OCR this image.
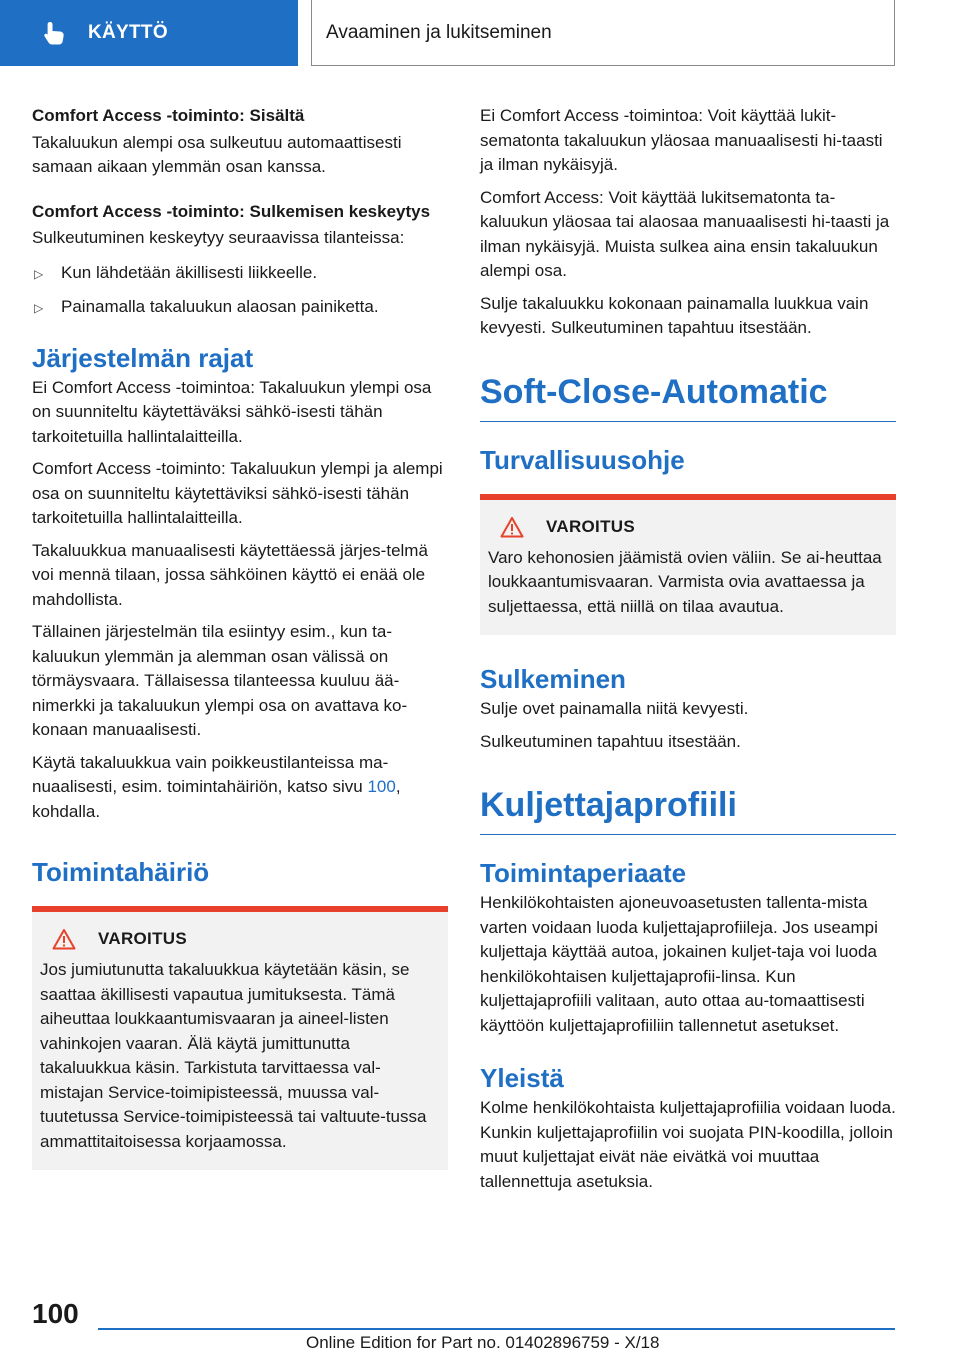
KÄYTTÖ	Avaaminen ja lukitseminen
Comfort Access -toiminto: Sisältä

Takaluukun alempi osa sulkeutuu automaattisesti samaan aikaan ylemmän osan kanssa.

Comfort Access -toiminto: Sulkemisen keskeytys

Sulkeutuminen keskeytyy seuraavissa tilanteissa:

▷ Kun lähdetään äkillisesti liikkeelle.
▷ Painamalla takaluukun alaosan painiketta.
Järjestelmän rajat

Ei Comfort Access -toimintoa: Takaluukun ylempi osa on suunniteltu käytettäväksi sähkö-isesti tähän tarkoitetuilla hallintalaitteilla.

Comfort Access -toiminto: Takaluukun ylempi ja alempi osa on suunniteltu käytettäviksi sähkö-isesti tähän tarkoitetuilla hallintalaitteilla.

Takaluukkua manuaalisesti käytettäessä järjes-telmä voi mennä tilaan, jossa sähköinen käyttö ei enää ole mahdollista.

Tällainen järjestelmän tila esiintyy esim., kun ta-kaluukun ylemmän ja alemman osan välissä on törmäysvaara. Tällaisessa tilanteessa kuuluu ää-nimerkki ja takaluukun ylempi osa on avattava ko-konaan manuaalisesti.

Käytä takaluukkua vain poikkeustilanteissa ma-nuaalisesti, esim. toimintahäiriön, katso sivu 100, kohdalla.

Toimintahäiriö
VAROITUS

Jos jumiutunutta takaluukkua käytetään käsin, se saattaa äkillisesti vapautua jumituksesta. Tämä aiheuttaa loukkaantumisvaaran ja aineel-listen vahinkojen vaaran. Älä käytä jumittunutta takaluukkua käsin. Tarkistuta tarvittaessa val-mistajan Service-toimipisteessä, muussa val-tuutetussa Service-toimipisteessä tai valtuute-tussa ammattitaitoisessa korjaamossa.

Ei Comfort Access -toimintoa: Voit käyttää lukit-sematonta takaluukun yläosaa manuaalisesti hi-taasti ja ilman nykäisyjä.

Comfort Access: Voit käyttää lukitsematonta ta-kaluukun yläosaa tai alaosaa manuaalisesti hi-taasti ja ilman nykäisyjä. Muista sulkea aina ensin takaluukun alempi osa.

Sulje takaluukku kokonaan painamalla luukkua vain kevyesti. Sulkeutuminen tapahtuu itsestään.

Soft-Close-Automatic
Turvallisuusohje
VAROITUS

Varo kehonosien jäämistä ovien väliin. Se ai-heuttaa loukkaantumisvaaran. Varmista ovia avattaessa ja suljettaessa, että niillä on tilaa avautua.

Sulkeminen

Sulje ovet painamalla niitä kevyesti.

Sulkeutuminen tapahtuu itsestään.

Kuljettajaprofiili
Toimintaperiaate

Henkilökohtaisten ajoneuvoasetusten tallenta-mista varten voidaan luoda kuljettajaprofiileja. Jos useampi kuljettaja käyttää autoa, jokainen kuljet-taja voi luoda henkilökohtaisen kuljettajaprofii-linsa. Kun kuljettajaprofiili valitaan, auto ottaa au-tomaattisesti käyttöön kuljettajaprofiiliin tallennetut asetukset.

Yleistä

Kolme henkilökohtaista kuljettajaprofiilia voidaan luoda. Kunkin kuljettajaprofiilin voi suojata PIN-koodilla, jolloin muut kuljettajat eivät näe eivätkä voi muuttaa tallennettuja asetuksia.

100
Online Edition for Part no. 01402896759 - X/18
